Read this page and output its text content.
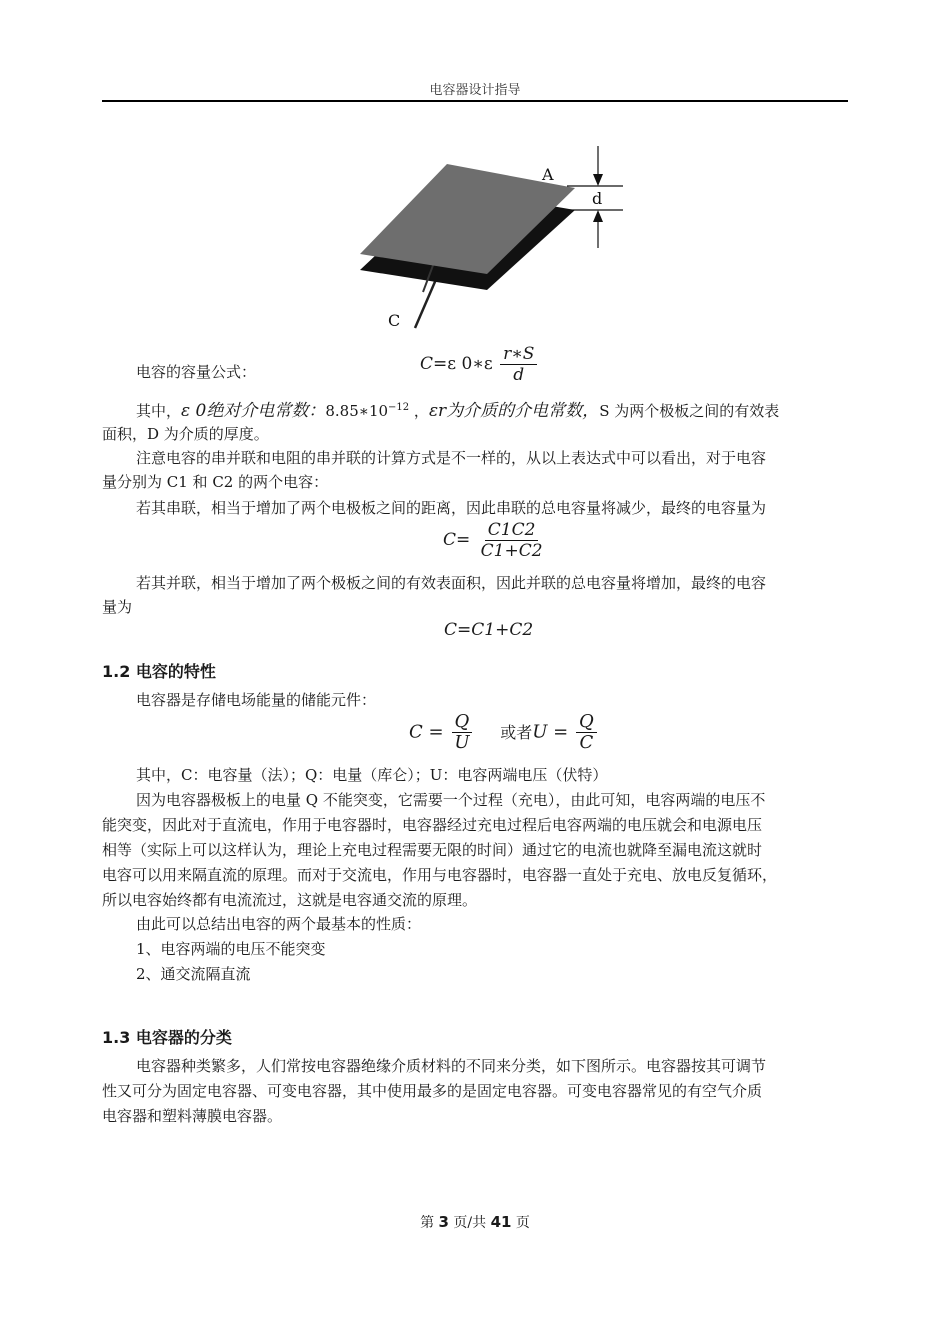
电容器设计指导
A
d
C
电容的容量公式：	C=ε 0∗ε $\frac{r∗S}{d}$
其中，ε 0绝对介电常数：$8.85∗10^{-12}$ ，εr为介质的介电常数，S 为两个极板之间的有效表
面积，D 为介质的厚度。
注意电容的串并联和电阻的串并联的计算方式是不一样的，从以上表达式中可以看出，对于电容
量分别为 C1 和 C2 的两个电容：
若其串联，相当于增加了两个电极板之间的距离，因此串联的总电容量将减少，最终的电容量为
$C= \frac{C1C2}{C1+C2}$
若其并联，相当于增加了两个极板之间的有效表面积，因此并联的总电容量将增加，最终的电容
量为
C=C1+C2
1.2 电容的特性
电容器是存储电场能量的储能元件：
$C = \frac{Q}{U}$ 或者$U = \frac{Q}{C}$
其中，C：电容量（法）；Q：电量（库仑）；U：电容两端电压（伏特）
因为电容器极板上的电量 Q 不能突变，它需要一个过程（充电），由此可知，电容两端的电压不
能突变，因此对于直流电，作用于电容器时，电容器经过充电过程后电容两端的电压就会和电源电压
相等（实际上可以这样认为，理论上充电过程需要无限的时间）通过它的电流也就降至漏电流这就时
电容可以用来隔直流的原理。而对于交流电，作用与电容器时，电容器一直处于充电、放电反复循环，
所以电容始终都有电流流过，这就是电容通交流的原理。
由此可以总结出电容的两个最基本的性质：
1、电容两端的电压不能突变
2、通交流隔直流
1.3 电容器的分类
电容器种类繁多，人们常按电容器绝缘介质材料的不同来分类，如下图所示。电容器按其可调节
性又可分为固定电容器、可变电容器，其中使用最多的是固定电容器。可变电容器常见的有空气介质
电容器和塑料薄膜电容器。
第 3 页/共 41 页
